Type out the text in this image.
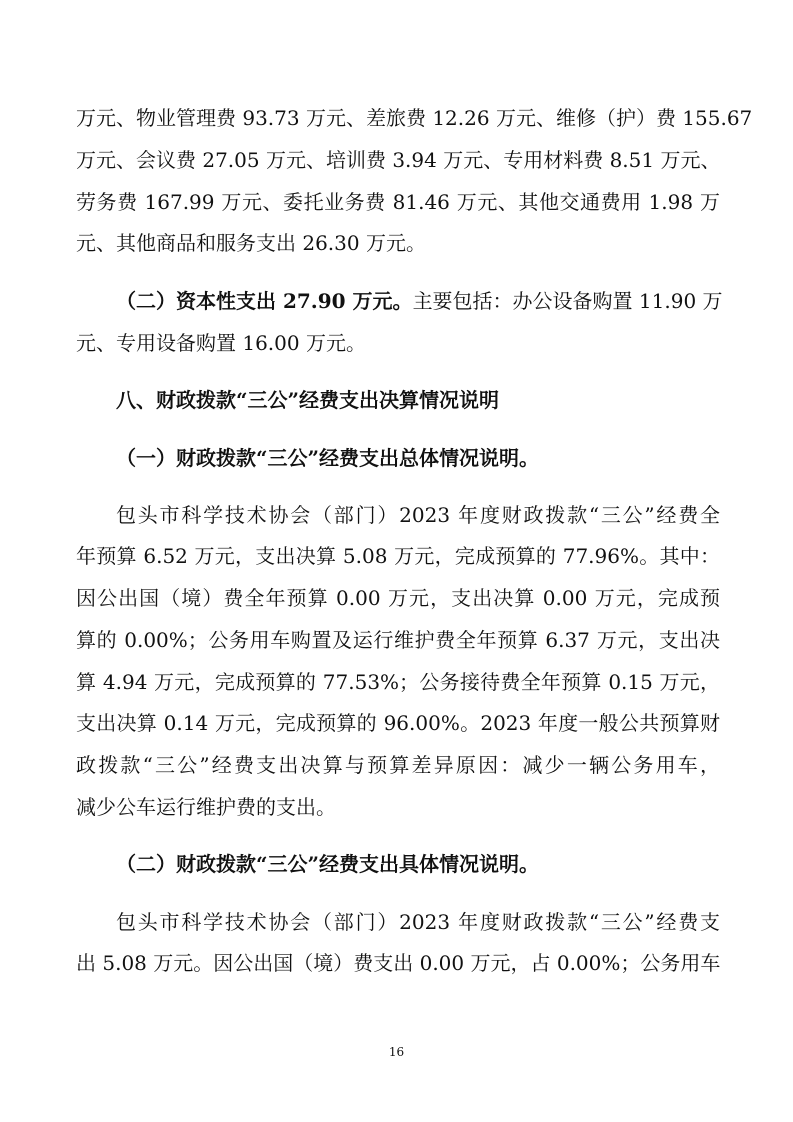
万元、物业管理费 93.73 万元、差旅费 12.26 万元、维修（护）费 155.67
万元、会议费 27.05 万元、培训费 3.94 万元、专用材料费 8.51 万元、
劳务费 167.99 万元、委托业务费 81.46 万元、其他交通费用 1.98 万
元、其他商品和服务支出 26.30 万元。
（二）资本性支出 27.90 万元。主要包括：办公设备购置 11.90 万
元、专用设备购置 16.00 万元。
八、财政拨款“三公”经费支出决算情况说明
（一）财政拨款“三公”经费支出总体情况说明。
包头市科学技术协会（部门）2023 年度财政拨款“三公”经费全
年预算 6.52 万元，支出决算 5.08 万元，完成预算的 77.96%。其中：
因公出国（境）费全年预算 0.00 万元，支出决算 0.00 万元，完成预
算的 0.00%；公务用车购置及运行维护费全年预算 6.37 万元，支出决
算 4.94 万元，完成预算的 77.53%；公务接待费全年预算 0.15 万元，
支出决算 0.14 万元，完成预算的 96.00%。2023 年度一般公共预算财
政拨款“三公”经费支出决算与预算差异原因：减少一辆公务用车，
减少公车运行维护费的支出。
（二）财政拨款“三公”经费支出具体情况说明。
包头市科学技术协会（部门）2023 年度财政拨款“三公”经费支
出 5.08 万元。因公出国（境）费支出 0.00 万元，占 0.00%；公务用车
16
